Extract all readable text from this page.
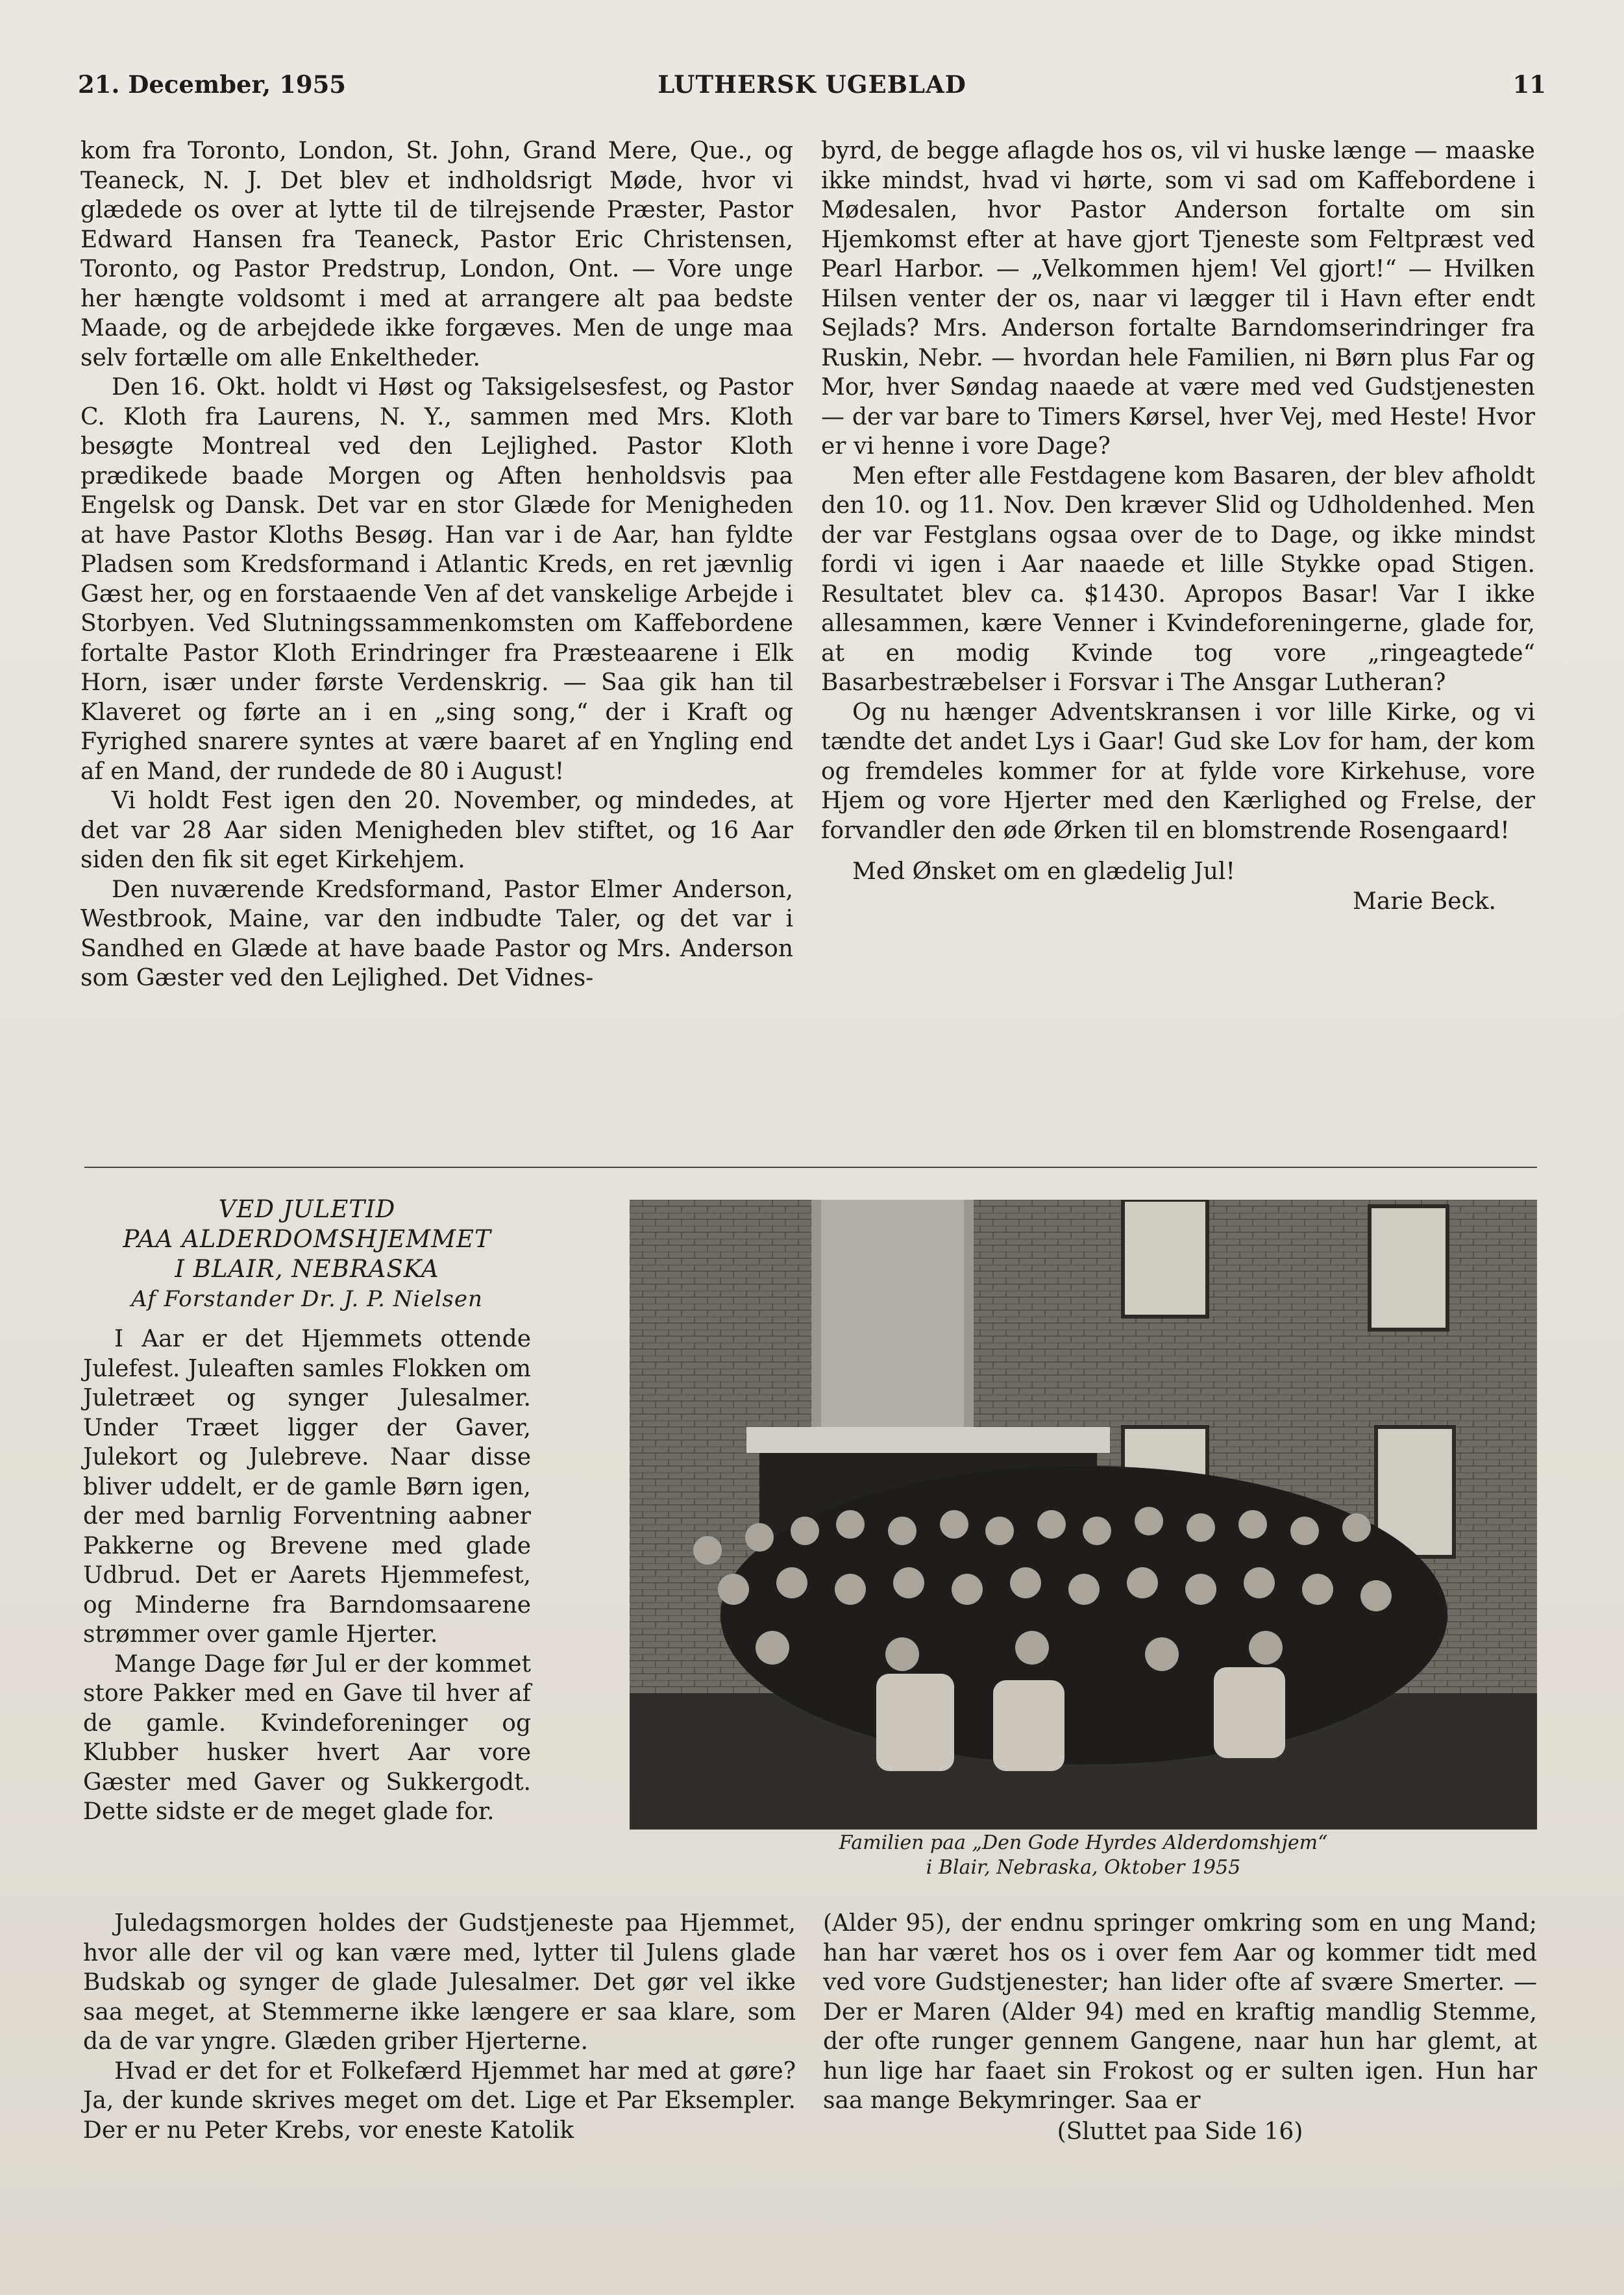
21. December, 1955	LUTHERSK UGEBLAD	11

kom fra Toronto, London, St. John, Grand Mere, Que., og Teaneck, N. J. Det blev et indholdsrigt Møde, hvor vi glædede os over at lytte til de tilrejsende Præster, Pastor Edward Hansen fra Teaneck, Pastor Eric Christensen, Toronto, og Pastor Predstrup, London, Ont. — Vore unge her hængte voldsomt i med at arrangere alt paa bedste Maade, og de arbejdede ikke forgæves. Men de unge maa selv fortælle om alle Enkeltheder.

Den 16. Okt. holdt vi Høst og Taksigelsesfest, og Pastor C. Kloth fra Laurens, N. Y., sammen med Mrs. Kloth besøgte Montreal ved den Lejlighed. Pastor Kloth prædikede baade Morgen og Aften henholdsvis paa Engelsk og Dansk. Det var en stor Glæde for Menigheden at have Pastor Kloths Besøg. Han var i de Aar, han fyldte Pladsen som Kredsformand i Atlantic Kreds, en ret jævnlig Gæst her, og en forstaaende Ven af det vanskelige Arbejde i Storbyen. Ved Slutningssammenkomsten om Kaffebordene fortalte Pastor Kloth Erindringer fra Præsteaarene i Elk Horn, især under første Verdenskrig. — Saa gik han til Klaveret og førte an i en „sing song,“ der i Kraft og Fyrighed snarere syntes at være baaret af en Yngling end af en Mand, der rundede de 80 i August!

Vi holdt Fest igen den 20. November, og mindedes, at det var 28 Aar siden Menigheden blev stiftet, og 16 Aar siden den fik sit eget Kirkehjem.

Den nuværende Kredsformand, Pastor Elmer Anderson, Westbrook, Maine, var den indbudte Taler, og det var i Sandhed en Glæde at have baade Pastor og Mrs. Anderson som Gæster ved den Lejlighed. Det Vidnes-

byrd, de begge aflagde hos os, vil vi huske længe — maaske ikke mindst, hvad vi hørte, som vi sad om Kaffebordene i Mødesalen, hvor Pastor Anderson fortalte om sin Hjemkomst efter at have gjort Tjeneste som Feltpræst ved Pearl Harbor. — „Velkommen hjem! Vel gjort!“ — Hvilken Hilsen venter der os, naar vi lægger til i Havn efter endt Sejlads? Mrs. Anderson fortalte Barndomserindringer fra Ruskin, Nebr. — hvordan hele Familien, ni Børn plus Far og Mor, hver Søndag naaede at være med ved Gudstjenesten — der var bare to Timers Kørsel, hver Vej, med Heste! Hvor er vi henne i vore Dage?

Men efter alle Festdagene kom Basaren, der blev afholdt den 10. og 11. Nov. Den kræver Slid og Udholdenhed. Men der var Festglans ogsaa over de to Dage, og ikke mindst fordi vi igen i Aar naaede et lille Stykke opad Stigen. Resultatet blev ca. $1430. Apropos Basar! Var I ikke allesammen, kære Venner i Kvindeforeningerne, glade for, at en modig Kvinde tog vore „ringeagtede“ Basarbestræbelser i Forsvar i The Ansgar Lutheran?

Og nu hænger Adventskransen i vor lille Kirke, og vi tændte det andet Lys i Gaar! Gud ske Lov for ham, der kom og fremdeles kommer for at fylde vore Kirkehuse, vore Hjem og vore Hjerter med den Kærlighed og Frelse, der forvandler den øde Ørken til en blomstrende Rosengaard!

Med Ønsket om en glædelig Jul!

Marie Beck.

VED JULETID
PAA ALDERDOMSHJEMMET
I BLAIR, NEBRASKA
Af Forstander Dr. J. P. Nielsen

I Aar er det Hjemmets ottende Julefest. Juleaften samles Flokken om Juletræet og synger Julesalmer. Under Træet ligger der Gaver, Julekort og Julebreve. Naar disse bliver uddelt, er de gamle Børn igen, der med barnlig Forventning aabner Pakkerne og Brevene med glade Udbrud. Det er Aarets Hjemmefest, og Minderne fra Barndomsaarene strømmer over gamle Hjerter.

Mange Dage før Jul er der kommet store Pakker med en Gave til hver af de gamle. Kvindeforeninger og Klubber husker hvert Aar vore Gæster med Gaver og Sukkergodt. Dette sidste er de meget glade for.

Juledagsmorgen holdes der Gudstjeneste paa Hjemmet, hvor alle der vil og kan være med, lytter til Julens glade Budskab og synger de glade Julesalmer. Det gør vel ikke saa meget, at Stemmerne ikke længere er saa klare, som da de var yngre. Glæden griber Hjerterne.

Hvad er det for et Folkefærd Hjemmet har med at gøre? Ja, der kunde skrives meget om det. Lige et Par Eksempler. Der er nu Peter Krebs, vor eneste Katolik

Familien paa „Den Gode Hyrdes Alderdomshjem“
i Blair, Nebraska, Oktober 1955

(Alder 95), der endnu springer omkring som en ung Mand; han har været hos os i over fem Aar og kommer tidt med ved vore Gudstjenester; han lider ofte af svære Smerter. — Der er Maren (Alder 94) med en kraftig mandlig Stemme, der ofte runger gennem Gangene, naar hun har glemt, at hun lige har faaet sin Frokost og er sulten igen. Hun har saa mange Bekymringer. Saa er

(Sluttet paa Side 16)
